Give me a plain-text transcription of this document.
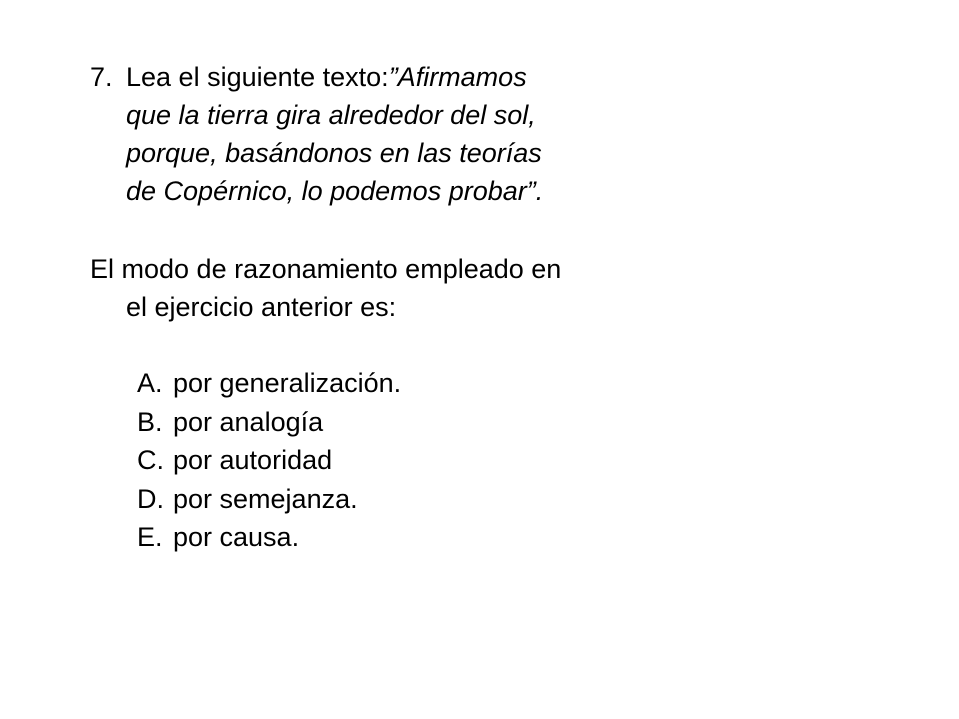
7. Lea el siguiente texto:”Afirmamos
que la tierra gira alrededor del sol,
porque, basándonos en las teorías
de Copérnico, lo podemos probar”.
El modo de razonamiento empleado en
el ejercicio anterior es:
A. por generalización.
B. por analogía
C. por autoridad
D. por semejanza.
E. por causa.
